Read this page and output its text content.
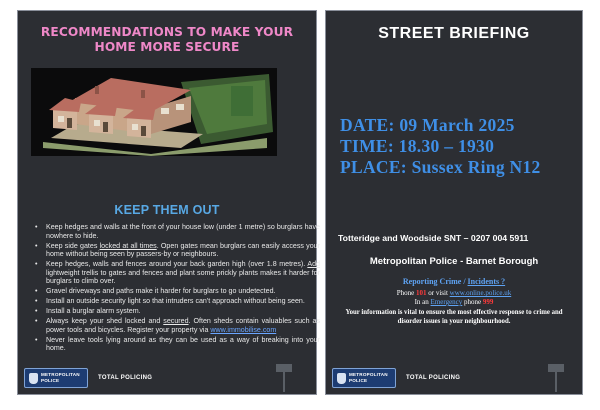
RECOMMENDATIONS TO MAKE YOUR
HOME MORE SECURE
KEEP THEM OUT
• Keep hedges and walls at the front of your house low (under 1 metre) so burglars have nowhere to hide.
• Keep side gates locked at all times. Open gates mean burglars can easily access your home without being seen by passers-by or neighbours.
• Keep hedges, walls and fences around your back garden high (over 1.8 metres). Add lightweight trellis to gates and fences and plant some prickly plants makes it harder for burglars to climb over.
• Gravel driveways and paths make it harder for burglars to go undetected.
• Install an outside security light so that intruders can't approach without being seen.
• Install a burglar alarm system.
• Always keep your shed locked and secured. Often sheds contain valuables such as power tools and bicycles. Register your property via www.immobilise.com
• Never leave tools lying around as they can be used as a way of breaking into your home.
METROPOLITAN
POLICE	TOTAL POLICING
STREET BRIEFING
DATE: 09 March 2025
TIME: 18.30 – 1930
PLACE: Sussex Ring N12
Totteridge and Woodside SNT – 0207 004 5911
Metropolitan Police - Barnet Borough
Reporting Crime / Incidents ?
Phone 101 or visit www.online.police.uk
In an Emergency phone 999
Your information is vital to ensure the most effective response to crime and disorder issues in your neighbourhood.
METROPOLITAN
POLICE	TOTAL POLICING
